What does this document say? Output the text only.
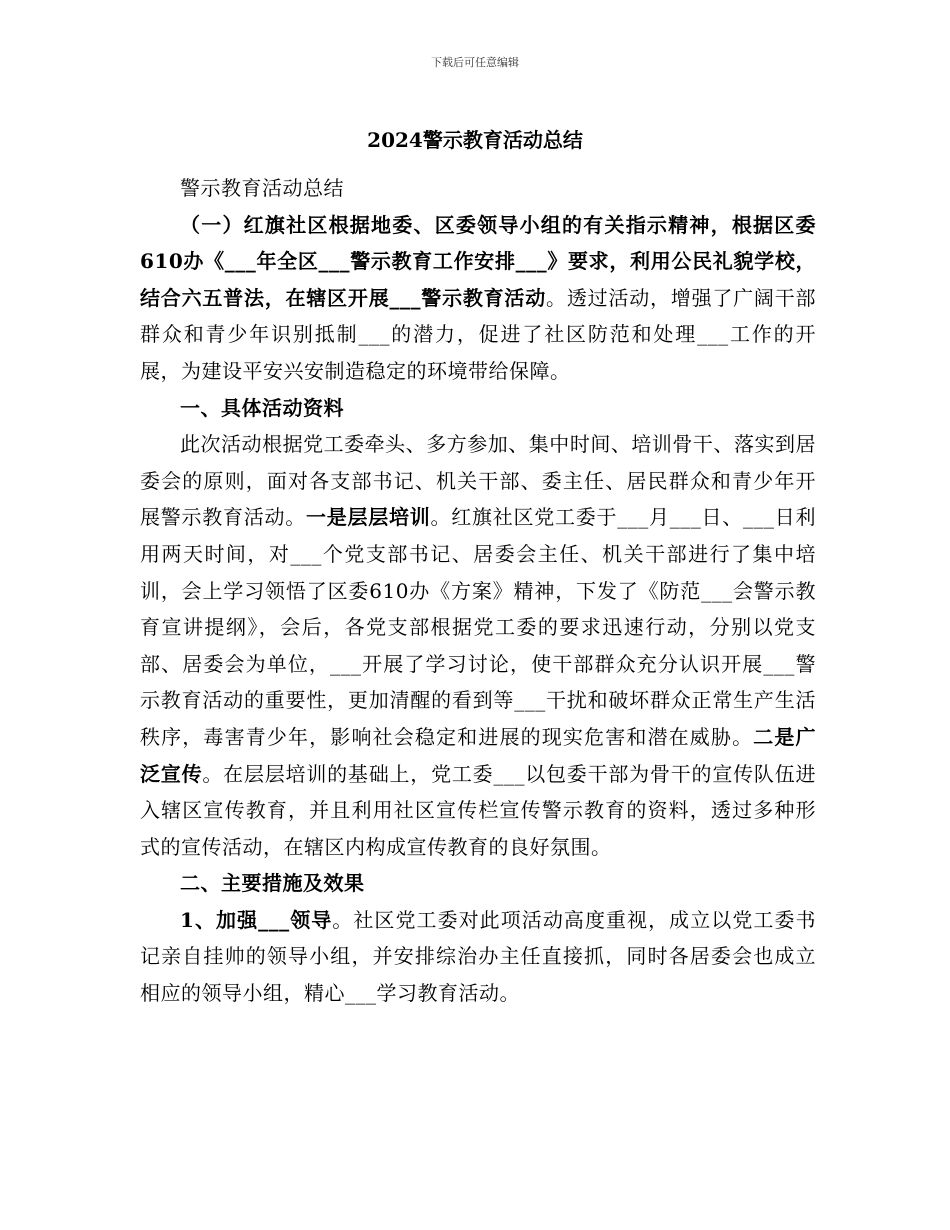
下载后可任意编辑
2024警示教育活动总结

警示教育活动总结

（一）红旗社区根据地委、区委领导小组的有关指示精神，根据区委610办《___年全区___警示教育工作安排___》要求，利用公民礼貌学校，结合六五普法，在辖区开展___警示教育活动。透过活动，增强了广阔干部群众和青少年识别抵制___的潜力，促进了社区防范和处理___工作的开展，为建设平安兴安制造稳定的环境带给保障。

一、具体活动资料

此次活动根据党工委牵头、多方参加、集中时间、培训骨干、落实到居委会的原则，面对各支部书记、机关干部、委主任、居民群众和青少年开展警示教育活动。一是层层培训。红旗社区党工委于___月___日、___日利用两天时间，对___个党支部书记、居委会主任、机关干部进行了集中培训，会上学习领悟了区委610办《方案》精神，下发了《防范___会警示教育宣讲提纲》，会后，各党支部根据党工委的要求迅速行动，分别以党支部、居委会为单位，___开展了学习讨论，使干部群众充分认识开展___警示教育活动的重要性，更加清醒的看到等___干扰和破坏群众正常生产生活秩序，毒害青少年，影响社会稳定和进展的现实危害和潜在威胁。二是广泛宣传。在层层培训的基础上，党工委___以包委干部为骨干的宣传队伍进入辖区宣传教育，并且利用社区宣传栏宣传警示教育的资料，透过多种形式的宣传活动，在辖区内构成宣传教育的良好氛围。

二、主要措施及效果

1、加强___领导。社区党工委对此项活动高度重视，成立以党工委书记亲自挂帅的领导小组，并安排综治办主任直接抓，同时各居委会也成立相应的领导小组，精心___学习教育活动。
